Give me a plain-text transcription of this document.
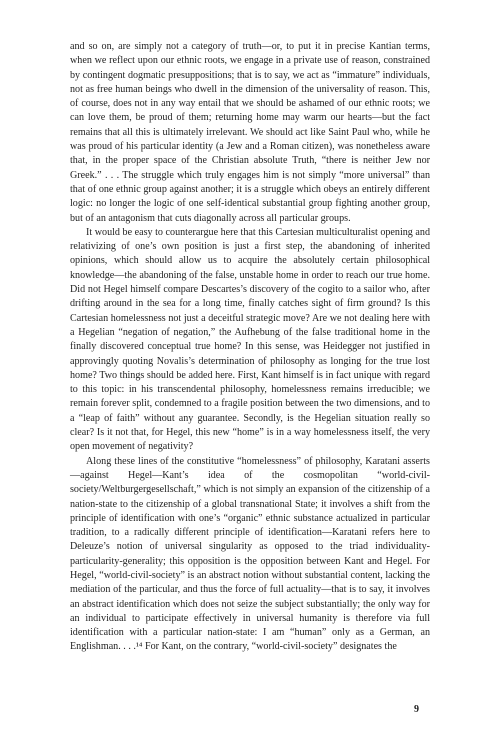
and so on, are simply not a category of truth—or, to put it in precise Kantian terms, when we reflect upon our ethnic roots, we engage in a private use of reason, constrained by contingent dogmatic presuppositions; that is to say, we act as “immature” individuals, not as free human beings who dwell in the dimension of the universality of reason. This, of course, does not in any way entail that we should be ashamed of our ethnic roots; we can love them, be proud of them; returning home may warm our hearts—but the fact remains that all this is ultimately irrelevant. We should act like Saint Paul who, while he was proud of his particular identity (a Jew and a Roman citizen), was nonetheless aware that, in the proper space of the Christian absolute Truth, “there is neither Jew nor Greek.” . . . The struggle which truly engages him is not simply “more universal” than that of one ethnic group against another; it is a struggle which obeys an entirely different logic: no longer the logic of one self-identical substantial group fighting another group, but of an antagonism that cuts diagonally across all particular groups.

It would be easy to counterargue here that this Cartesian multiculturalist opening and relativizing of one’s own position is just a first step, the abandoning of inherited opinions, which should allow us to acquire the absolutely certain philosophical knowledge—the abandoning of the false, unstable home in order to reach our true home. Did not Hegel himself compare Descartes’s discovery of the cogito to a sailor who, after drifting around in the sea for a long time, finally catches sight of firm ground? Is this Cartesian homelessness not just a deceitful strategic move? Are we not dealing here with a Hegelian “negation of negation,” the Aufhebung of the false traditional home in the finally discovered conceptual true home? In this sense, was Heidegger not justified in approvingly quoting Novalis’s determination of philosophy as longing for the true lost home? Two things should be added here. First, Kant himself is in fact unique with regard to this topic: in his transcendental philosophy, homelessness remains irreducible; we remain forever split, condemned to a fragile position between the two dimensions, and to a “leap of faith” without any guarantee. Secondly, is the Hegelian situation really so clear? Is it not that, for Hegel, this new “home” is in a way homelessness itself, the very open movement of negativity?

Along these lines of the constitutive “homelessness” of philosophy, Karatani asserts—against Hegel—Kant’s idea of the cosmopolitan “world-civil-society/Weltburgergesellschaft,” which is not simply an expansion of the citizenship of a nation-state to the citizenship of a global transnational State; it involves a shift from the principle of identification with one’s “organic” ethnic substance actualized in particular tradition, to a radically different principle of identification—Karatani refers here to Deleuze’s notion of universal singularity as opposed to the triad individuality-particularity-generality; this opposition is the opposition between Kant and Hegel. For Hegel, “world-civil-society” is an abstract notion without substantial content, lacking the mediation of the particular, and thus the force of full actuality—that is to say, it involves an abstract identification which does not seize the subject substantially; the only way for an individual to participate effectively in universal humanity is therefore via full identification with a particular nation-state: I am “human” only as a German, an Englishman. . . .¹⁴ For Kant, on the contrary, “world-civil-society” designates the

9
